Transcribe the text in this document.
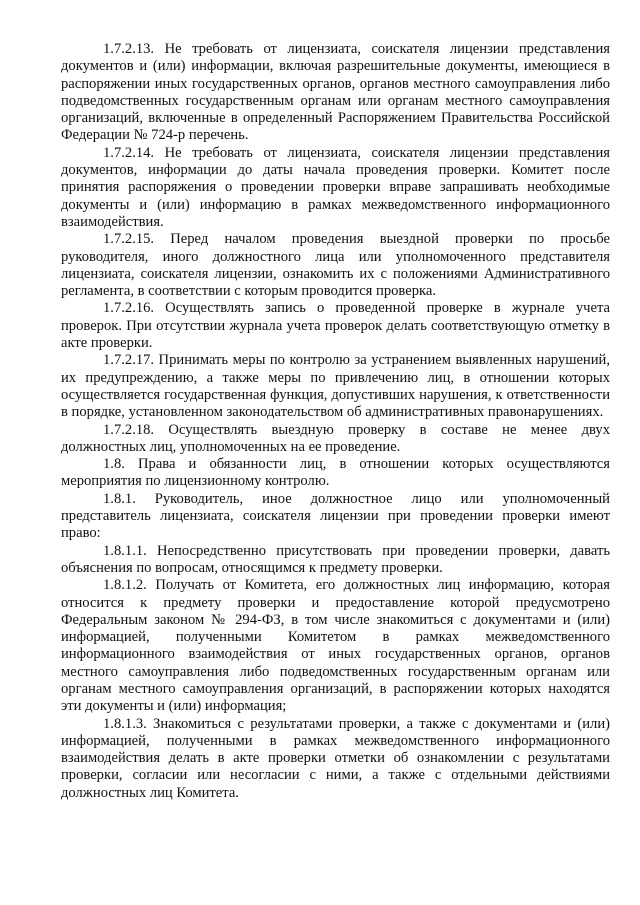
1.7.2.13. Не требовать от лицензиата, соискателя лицензии представления документов и (или) информации, включая разрешительные документы, имеющиеся в распоряжении иных государственных органов, органов местного самоуправления либо подведомственных государственным органам или органам местного самоуправления организаций, включенные в определенный Распоряжением Правительства Российской Федерации № 724-р перечень.

1.7.2.14. Не требовать от лицензиата, соискателя лицензии представления документов, информации до даты начала проведения проверки. Комитет после принятия распоряжения о проведении проверки вправе запрашивать необходимые документы и (или) информацию в рамках межведомственного информационного взаимодействия.

1.7.2.15. Перед началом проведения выездной проверки по просьбе руководителя, иного должностного лица или уполномоченного представителя лицензиата, соискателя лицензии, ознакомить их с положениями Административного регламента, в соответствии с которым проводится проверка.

1.7.2.16. Осуществлять запись о проведенной проверке в журнале учета проверок. При отсутствии журнала учета проверок делать соответствующую отметку в акте проверки.

1.7.2.17. Принимать меры по контролю за устранением выявленных нарушений, их предупреждению, а также меры по привлечению лиц, в отношении которых осуществляется государственная функция, допустивших нарушения, к ответственности в порядке, установленном законодательством об административных правонарушениях.

1.7.2.18. Осуществлять выездную проверку в составе не менее двух должностных лиц, уполномоченных на ее проведение.

1.8. Права и обязанности лиц, в отношении которых осуществляются мероприятия по лицензионному контролю.

1.8.1. Руководитель, иное должностное лицо или уполномоченный представитель лицензиата, соискателя лицензии при проведении проверки имеют право:

1.8.1.1. Непосредственно присутствовать при проведении проверки, давать объяснения по вопросам, относящимся к предмету проверки.

1.8.1.2. Получать от Комитета, его должностных лиц информацию, которая относится к предмету проверки и предоставление которой предусмотрено Федеральным законом № 294-ФЗ, в том числе знакомиться с документами и (или) информацией, полученными Комитетом в рамках межведомственного информационного взаимодействия от иных государственных органов, органов местного самоуправления либо подведомственных государственным органам или органам местного самоуправления организаций, в распоряжении которых находятся эти документы и (или) информация;

1.8.1.3. Знакомиться с результатами проверки, а также с документами и (или) информацией, полученными в рамках межведомственного информационного взаимодействия делать в акте проверки отметки об ознакомлении с результатами проверки, согласии или несогласии с ними, а также с отдельными действиями должностных лиц Комитета.
